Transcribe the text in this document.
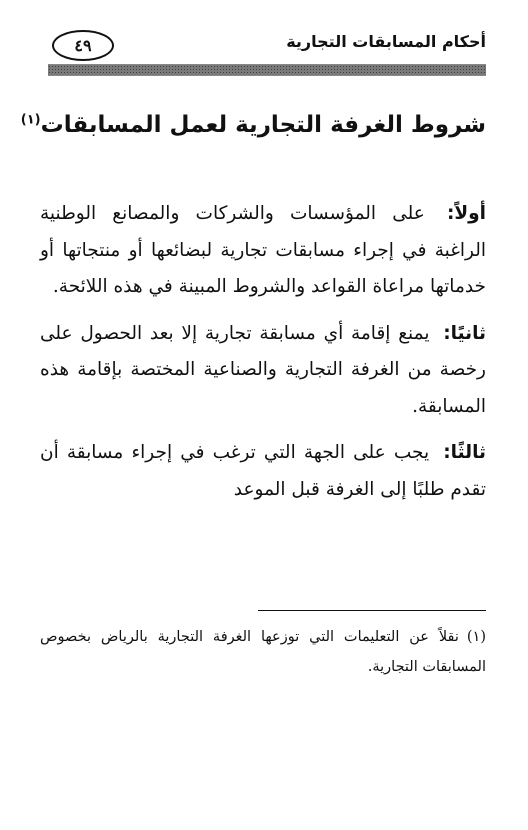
أحكام المسابقات التجارية
٤٩
شروط الغرفة التجارية لعمل المسابقات$^{(١)}$

أولاً: على المؤسسات والشركات والمصانع الوطنية الراغبة في إجراء مسابقات تجارية لبضائعها أو منتجاتها أو خدماتها مراعاة القواعد والشروط المبينة في هذه اللائحة.

ثانيًا: يمنع إقامة أي مسابقة تجارية إلا بعد الحصول على رخصة من الغرفة التجارية والصناعية المختصة بإقامة هذه المسابقة.

ثالثًا: يجب على الجهة التي ترغب في إجراء مسابقة أن تقدم طلبًا إلى الغرفة قبل الموعد

(١)نقلاً عن التعليمات التي توزعها الغرفة التجارية بالرياض بخصوص المسابقات التجارية.
